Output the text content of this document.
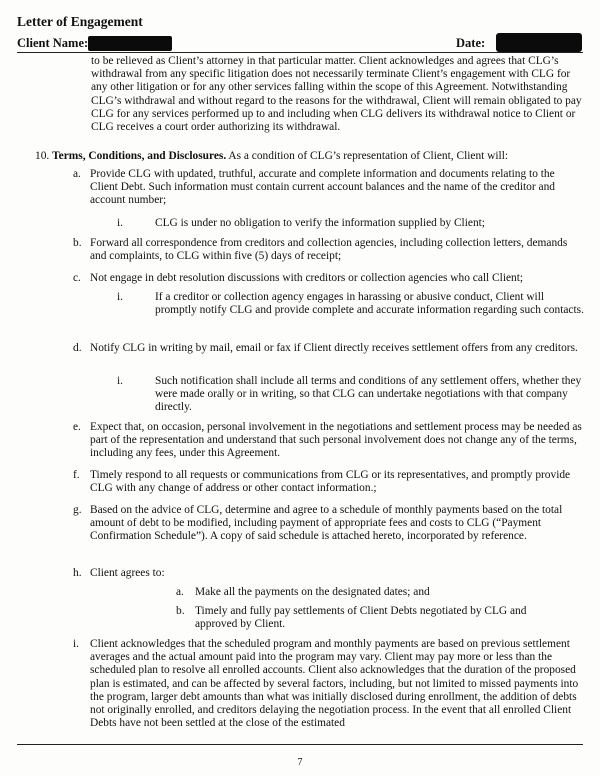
Letter of Engagement
Client Name:	Date:

to be relieved as Client’s attorney in that particular matter. Client acknowledges and agrees that CLG’s withdrawal from any specific litigation does not necessarily terminate Client’s engagement with CLG for any other litigation or for any other services falling within the scope of this Agreement. Notwithstanding CLG’s withdrawal and without regard to the reasons for the withdrawal, Client will remain obligated to pay CLG for any services performed up to and including when CLG delivers its withdrawal notice to Client or CLG receives a court order authorizing its withdrawal.

10. Terms, Conditions, and Disclosures. As a condition of CLG’s representation of Client, Client will:
a. Provide CLG with updated, truthful, accurate and complete information and documents relating to the Client Debt. Such information must contain current account balances and the name of the creditor and account number;

i.	CLG is under no obligation to verify the information supplied by Client;

b. Forward all correspondence from creditors and collection agencies, including collection letters, demands and complaints, to CLG within five (5) days of receipt;

c. Not engage in debt resolution discussions with creditors or collection agencies who call Client;

i.	If a creditor or collection agency engages in harassing or abusive conduct, Client will promptly notify CLG and provide complete and accurate information regarding such contacts.

d. Notify CLG in writing by mail, email or fax if Client directly receives settlement offers from any creditors.

i.	Such notification shall include all terms and conditions of any settlement offers, whether they were made orally or in writing, so that CLG can undertake negotiations with that company directly.

e. Expect that, on occasion, personal involvement in the negotiations and settlement process may be needed as part of the representation and understand that such personal involvement does not change any of the terms, including any fees, under this Agreement.

f. Timely respond to all requests or communications from CLG or its representatives, and promptly provide CLG with any change of address or other contact information.;

g. Based on the advice of CLG, determine and agree to a schedule of monthly payments based on the total amount of debt to be modified, including payment of appropriate fees and costs to CLG (“Payment Confirmation Schedule”). A copy of said schedule is attached hereto, incorporated by reference.

h. Client agrees to:

a. Make all the payments on the designated dates; and

b. Timely and fully pay settlements of Client Debts negotiated by CLG and approved by Client.

i. Client acknowledges that the scheduled program and monthly payments are based on previous settlement averages and the actual amount paid into the program may vary. Client may pay more or less than the scheduled plan to resolve all enrolled accounts. Client also acknowledges that the duration of the proposed plan is estimated, and can be affected by several factors, including, but not limited to missed payments into the program, larger debt amounts than what was initially disclosed during enrollment, the addition of debts not originally enrolled, and creditors delaying the negotiation process. In the event that all enrolled Client Debts have not been settled at the close of the estimated

7
